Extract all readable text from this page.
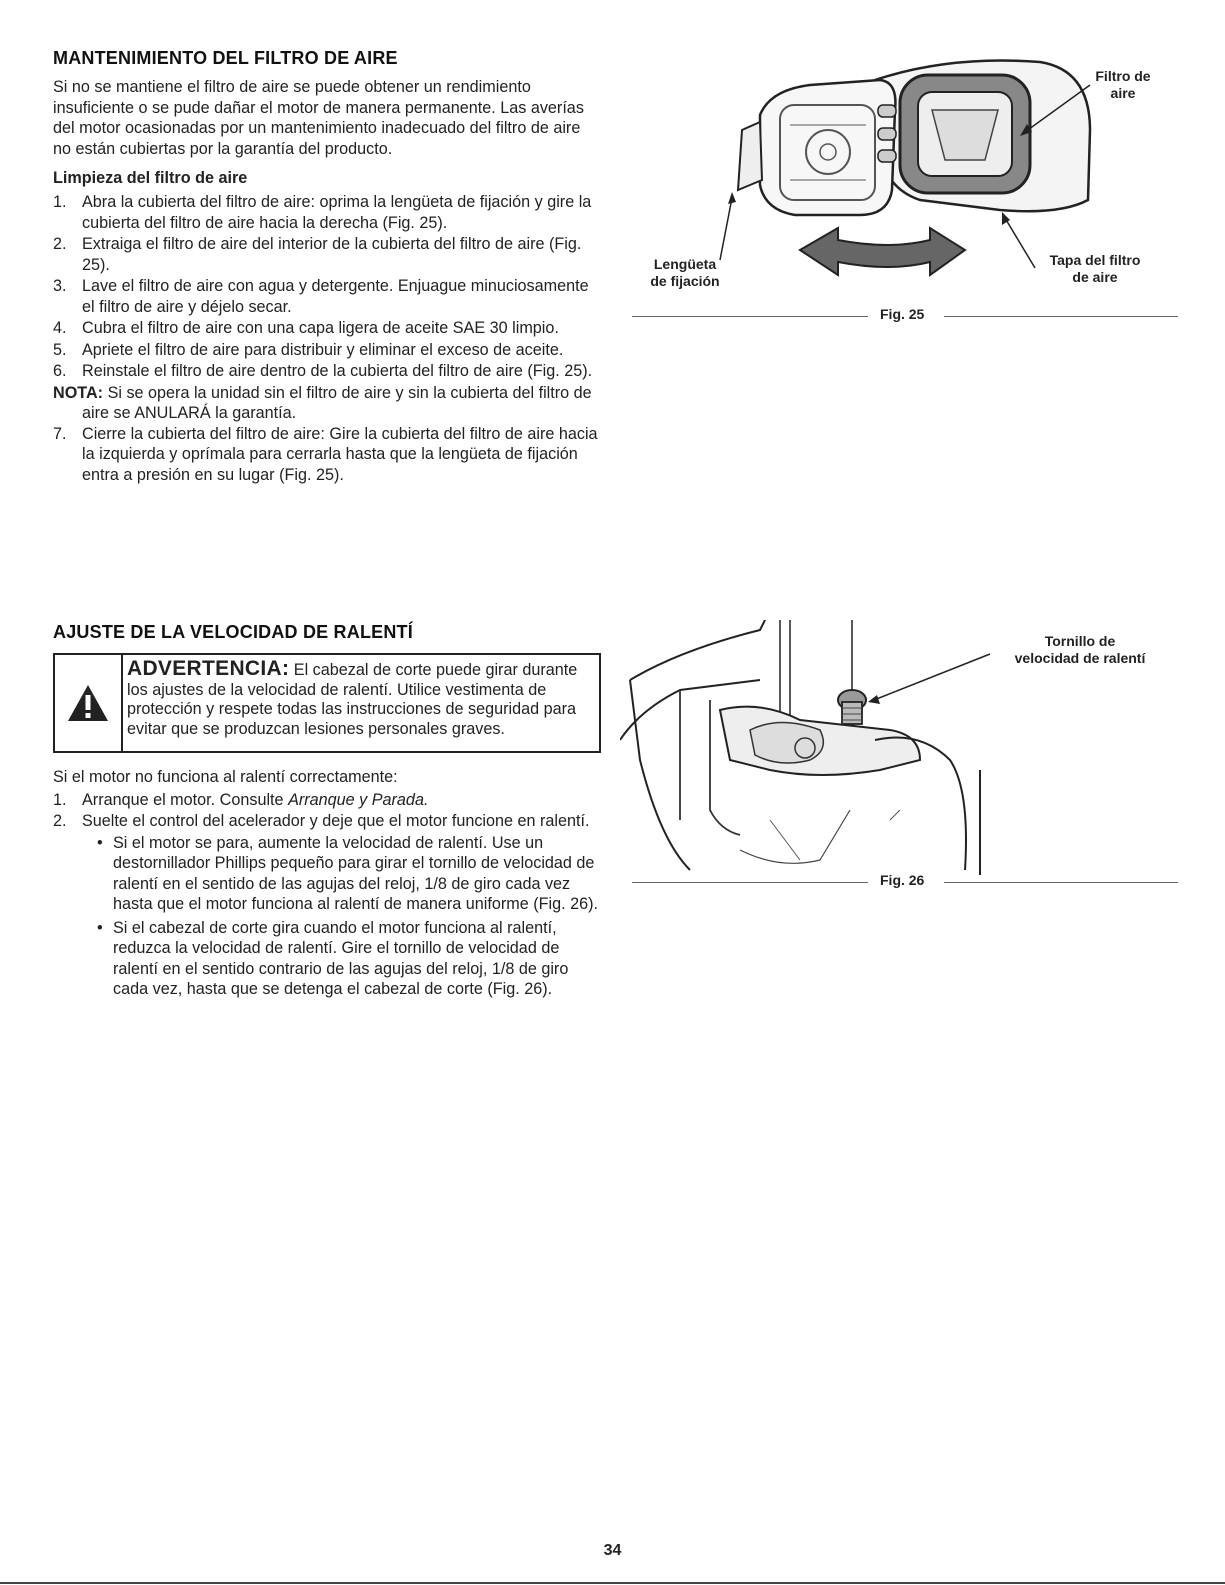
MANTENIMIENTO DEL FILTRO DE AIRE

Si no se mantiene el filtro de aire se puede obtener un rendimiento insuficiente o se pude dañar el motor de manera permanente. Las averías del motor ocasionadas por un mantenimiento inadecuado del filtro de aire no están cubiertas por la garantía del producto.

Limpieza del filtro de aire
1. Abra la cubierta del filtro de aire: oprima la lengüeta de fijación y gire la cubierta del filtro de aire hacia la derecha (Fig. 25).
2. Extraiga el filtro de aire del interior de la cubierta del filtro de aire (Fig. 25).
3. Lave el filtro de aire con agua y detergente. Enjuague minuciosamente el filtro de aire y déjelo secar.
4. Cubra el filtro de aire con una capa ligera de aceite SAE 30 limpio.
5. Apriete el filtro de aire para distribuir y eliminar el exceso de aceite.
6. Reinstale el filtro de aire dentro de la cubierta del filtro de aire (Fig. 25).
NOTA: Si se opera la unidad sin el filtro de aire y sin la cubierta del filtro de aire se ANULARÁ la garantía.
7. Cierre la cubierta del filtro de aire: Gire la cubierta del filtro de aire hacia la izquierda y oprímala para cerrarla hasta que la lengüeta de fijación entra a presión en su lugar (Fig. 25).
AJUSTE DE LA VELOCIDAD DE RALENTÍ
ADVERTENCIA: El cabezal de corte puede girar durante los ajustes de la velocidad de ralentí. Utilice vestimenta de protección y respete todas las instrucciones de seguridad para evitar que se produzcan lesiones personales graves.

Si el motor no funciona al ralentí correctamente:

1. Arranque el motor. Consulte Arranque y Parada.
2. Suelte el control del acelerador y deje que el motor funcione en ralentí.
• Si el motor se para, aumente la velocidad de ralentí. Use un destornillador Phillips pequeño para girar el tornillo de velocidad de ralentí en el sentido de las agujas del reloj, 1/8 de giro cada vez hasta que el motor funciona al ralentí de manera uniforme (Fig. 26).
• Si el cabezal de corte gira cuando el motor funciona al ralentí, reduzca la velocidad de ralentí. Gire el tornillo de velocidad de ralentí en el sentido contrario de las agujas del reloj, 1/8 de giro cada vez, hasta que se detenga el cabezal de corte (Fig. 26).
Filtro de
aire
Lengüeta
de fijación
Tapa del filtro
de aire
Fig. 25
Tornillo de
velocidad de ralentí
Fig. 26
34
